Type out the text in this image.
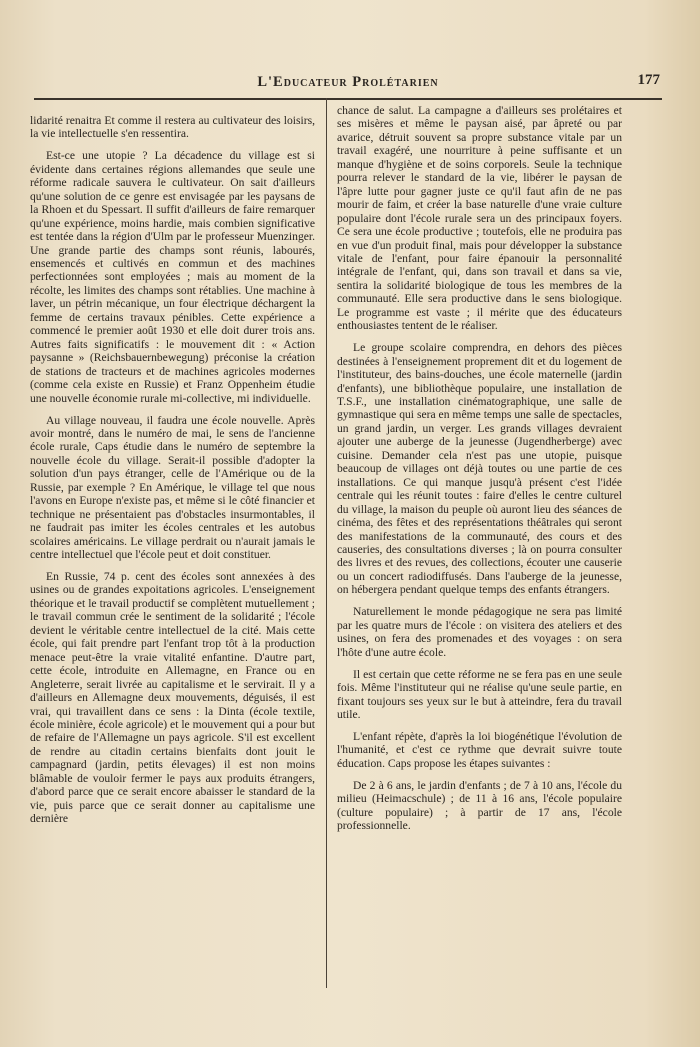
L'Educateur Prolétarien	177

lidarité renaitra Et comme il restera au cultivateur des loisirs, la vie intellectuelle s'en ressentira.

Est-ce une utopie ? La décadence du village est si évidente dans certaines régions allemandes que seule une réforme radicale sauvera le cultivateur. On sait d'ailleurs qu'une solution de ce genre est envisagée par les paysans de la Rhoen et du Spessart. Il suffit d'ailleurs de faire remarquer qu'une expérience, moins hardie, mais combien significative est tentée dans la région d'Ulm par le professeur Muenzinger. Une grande partie des champs sont réunis, labourés, ensemencés et cultivés en commun et des machines perfectionnées sont employées ; mais au moment de la récolte, les limites des champs sont rétablies. Une machine à laver, un pétrin mécanique, un four électrique déchargent la femme de certains travaux pénibles. Cette expérience a commencé le premier août 1930 et elle doit durer trois ans. Autres faits significatifs : le mouvement dit : « Action paysanne » (Reichsbauernbewegung) préconise la création de stations de tracteurs et de machines agricoles modernes (comme cela existe en Russie) et Franz Oppenheim étudie une nouvelle économie rurale mi-collective, mi individuelle.

Au village nouveau, il faudra une école nouvelle. Après avoir montré, dans le numéro de mai, le sens de l'ancienne école rurale, Caps étudie dans le numéro de septembre la nouvelle école du village. Serait-il possible d'adopter la solution d'un pays étranger, celle de l'Amérique ou de la Russie, par exemple ? En Amérique, le village tel que nous l'avons en Europe n'existe pas, et même si le côté financier et technique ne présentaient pas d'obstacles insurmontables, il ne faudrait pas imiter les écoles centrales et les autobus scolaires américains. Le village perdrait ou n'aurait jamais le centre intellectuel que l'école peut et doit constituer.

En Russie, 74 p. cent des écoles sont annexées à des usines ou de grandes expoitations agricoles. L'enseignement théorique et le travail productif se complètent mutuellement ; le travail commun crée le sentiment de la solidarité ; l'école devient le véritable centre intellectuel de la cité. Mais cette école, qui fait prendre part l'enfant trop tôt à la production menace peut-être la vraie vitalité enfantine. D'autre part, cette école, introduite en Allemagne, en France ou en Angleterre, serait livrée au capitalisme et le servirait. Il y a d'ailleurs en Allemagne deux mouvements, déguisés, il est vrai, qui travaillent dans ce sens : la Dinta (école textile, école minière, école agricole) et le mouvement qui a pour but de refaire de l'Allemagne un pays agricole. S'il est excellent de rendre au citadin certains bienfaits dont jouit le campagnard (jardin, petits élevages) il est non moins blâmable de vouloir fermer le pays aux produits étrangers, d'abord parce que ce serait encore abaisser le standard de la vie, puis parce que ce serait donner au capitalisme une dernière

chance de salut. La campagne a d'ailleurs ses prolétaires et ses misères et même le paysan aisé, par âpreté ou par avarice, détruit souvent sa propre substance vitale par un travail exagéré, une nourriture à peine suffisante et un manque d'hygiène et de soins corporels. Seule la technique pourra relever le standard de la vie, libérer le paysan de l'âpre lutte pour gagner juste ce qu'il faut afin de ne pas mourir de faim, et créer la base naturelle d'une vraie culture populaire dont l'école rurale sera un des principaux foyers. Ce sera une école productive ; toutefois, elle ne produira pas en vue d'un produit final, mais pour développer la substance vitale de l'enfant, pour faire épanouir la personnalité intégrale de l'enfant, qui, dans son travail et dans sa vie, sentira la solidarité biologique de tous les membres de la communauté. Elle sera productive dans le sens biologique. Le programme est vaste ; il mérite que des éducateurs enthousiastes tentent de le réaliser.

Le groupe scolaire comprendra, en dehors des pièces destinées à l'enseignement proprement dit et du logement de l'instituteur, des bains-douches, une école maternelle (jardin d'enfants), une bibliothèque populaire, une installation de T.S.F., une installation cinématographique, une salle de gymnastique qui sera en même temps une salle de spectacles, un grand jardin, un verger. Les grands villages devraient ajouter une auberge de la jeunesse (Jugendherberge) avec cuisine. Demander cela n'est pas une utopie, puisque beaucoup de villages ont déjà toutes ou une partie de ces installations. Ce qui manque jusqu'à présent c'est l'idée centrale qui les réunit toutes : faire d'elles le centre culturel du village, la maison du peuple où auront lieu des séances de cinéma, des fêtes et des représentations théâtrales qui seront des manifestations de la communauté, des cours et des causeries, des consultations diverses ; là on pourra consulter des livres et des revues, des collections, écouter une causerie ou un concert radiodiffusés. Dans l'auberge de la jeunesse, on hébergera pendant quelque temps des enfants étrangers.

Naturellement le monde pédagogique ne sera pas limité par les quatre murs de l'école : on visitera des ateliers et des usines, on fera des promenades et des voyages : on sera l'hôte d'une autre école.

Il est certain que cette réforme ne se fera pas en une seule fois. Même l'instituteur qui ne réalise qu'une seule partie, en fixant toujours ses yeux sur le but à atteindre, fera du travail utile.

L'enfant répète, d'après la loi biogénétique l'évolution de l'humanité, et c'est ce rythme que devrait suivre toute éducation. Caps propose les étapes suivantes :

De 2 à 6 ans, le jardin d'enfants ; de 7 à 10 ans, l'école du milieu (Heimacschule) ; de 11 à 16 ans, l'école populaire (culture populaire) ; à partir de 17 ans, l'école professionnelle.
